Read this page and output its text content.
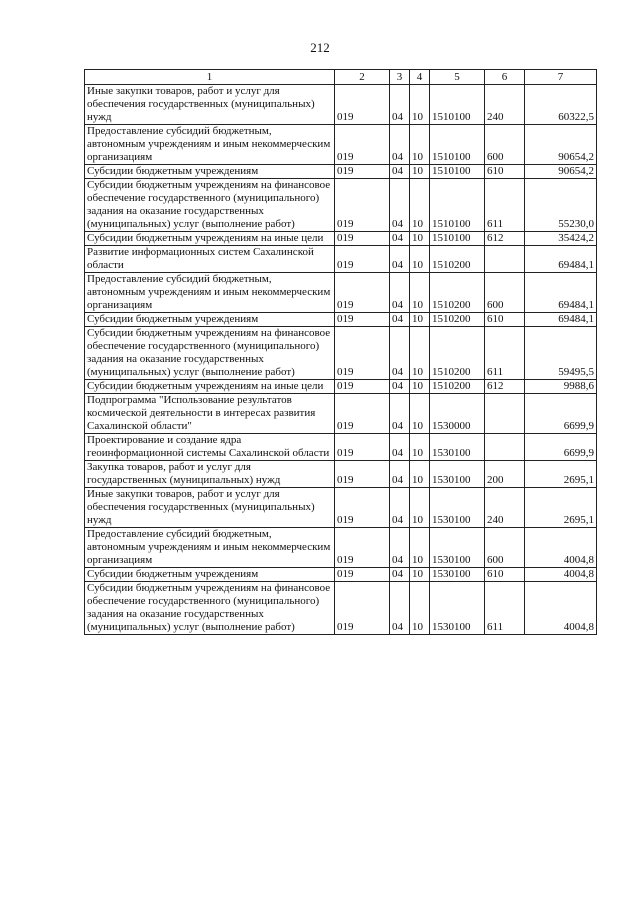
212
1	2	3	4	5	6	7
Иные закупки товаров, работ и услуг для обеспечения государственных (муниципальных) нужд	019	04	10	1510100	240	60322,5
Предоставление субсидий бюджетным, автономным учреждениям и иным некоммерческим организациям	019	04	10	1510100	600	90654,2
Субсидии бюджетным учреждениям	019	04	10	1510100	610	90654,2
Субсидии бюджетным учреждениям на финансовое обеспечение государственного (муниципального) задания на оказание государственных (муниципальных) услуг (выполнение работ)	019	04	10	1510100	611	55230,0
Субсидии бюджетным учреждениям на иные цели	019	04	10	1510100	612	35424,2
Развитие информационных систем Сахалинской области	019	04	10	1510200		69484,1
Предоставление субсидий бюджетным, автономным учреждениям и иным некоммерческим организациям	019	04	10	1510200	600	69484,1
Субсидии бюджетным учреждениям	019	04	10	1510200	610	69484,1
Субсидии бюджетным учреждениям на финансовое обеспечение государственного (муниципального) задания на оказание государственных (муниципальных) услуг (выполнение работ)	019	04	10	1510200	611	59495,5
Субсидии бюджетным учреждениям на иные цели	019	04	10	1510200	612	9988,6
Подпрограмма "Использование результатов космической деятельности в интересах развития Сахалинской области"	019	04	10	1530000		6699,9
Проектирование и создание ядра геоинформационной системы Сахалинской области	019	04	10	1530100		6699,9
Закупка товаров, работ и услуг для государственных (муниципальных) нужд	019	04	10	1530100	200	2695,1
Иные закупки товаров, работ и услуг для обеспечения государственных (муниципальных) нужд	019	04	10	1530100	240	2695,1
Предоставление субсидий бюджетным, автономным учреждениям и иным некоммерческим организациям	019	04	10	1530100	600	4004,8
Субсидии бюджетным учреждениям	019	04	10	1530100	610	4004,8
Субсидии бюджетным учреждениям на финансовое обеспечение государственного (муниципального) задания на оказание государственных (муниципальных) услуг (выполнение работ)	019	04	10	1530100	611	4004,8
